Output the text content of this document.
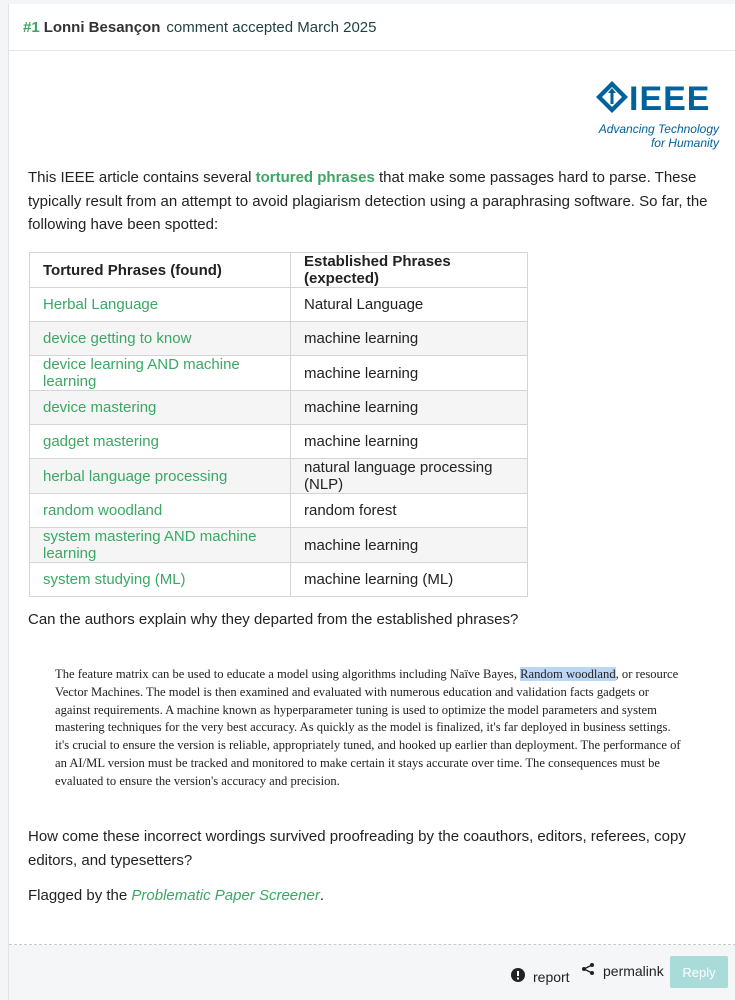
#1 Lonni Besançon comment accepted March 2025
IEEE
Advancing Technology
for Humanity

This IEEE article contains several tortured phrases that make some passages hard to parse. These typically result from an attempt to avoid plagiarism detection using a paraphrasing software. So far, the following have been spotted:

Tortured Phrases (found)	Established Phrases (expected)
Herbal Language	Natural Language
device getting to know	machine learning
device learning AND machine learning	machine learning
device mastering	machine learning
gadget mastering	machine learning
herbal language processing	natural language processing (NLP)
random woodland	random forest
system mastering AND machine learning	machine learning
system studying (ML)	machine learning (ML)

Can the authors explain why they departed from the established phrases?

The feature matrix can be used to educate a model using algorithms including Naïve Bayes, Random woodland, or resource Vector Machines. The model is then examined and evaluated with numerous education and validation facts gadgets or against requirements. A machine known as hyperparameter tuning is used to optimize the model parameters and system mastering techniques for the very best accuracy. As quickly as the model is finalized, it's far deployed in business settings. it's crucial to ensure the version is reliable, appropriately tuned, and hooked up earlier than deployment. The performance of an AI/ML version must be tracked and monitored to make certain it stays accurate over time. The consequences must be evaluated to ensure the version's accuracy and precision.

How come these incorrect wordings survived proofreading by the coauthors, editors, referees, copy editors, and typesetters?

Flagged by the Problematic Paper Screener.

report permalink	Reply
